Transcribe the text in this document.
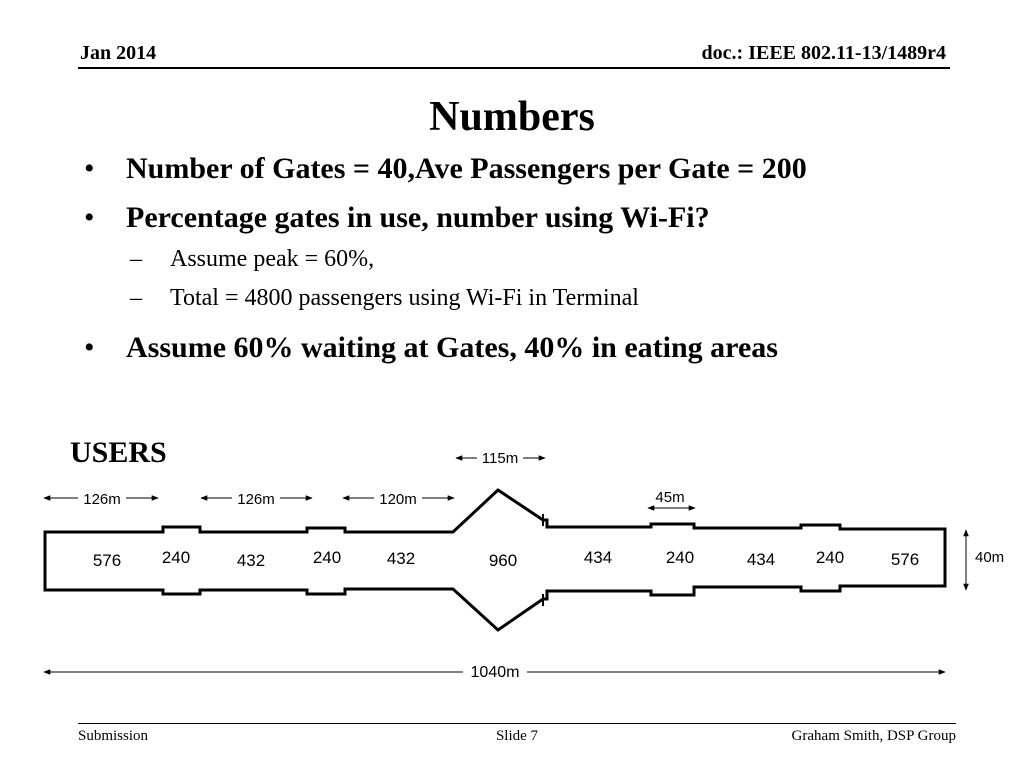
Jan 2014	doc.: IEEE 802.11-13/1489r4
Numbers
• Number of Gates = 40,Ave Passengers per Gate = 200
• Percentage gates in use, number using Wi-Fi?
– Assume peak = 60%,
– Total = 4800 passengers using Wi-Fi in Terminal
• Assume 60% waiting at Gates, 40% in eating areas
USERS
126m	126m	120m
115m
45m
40m
1040m
576 240	432	240	432	960	434	240	434 240	576
Submission	Slide 7	Graham Smith, DSP Group
